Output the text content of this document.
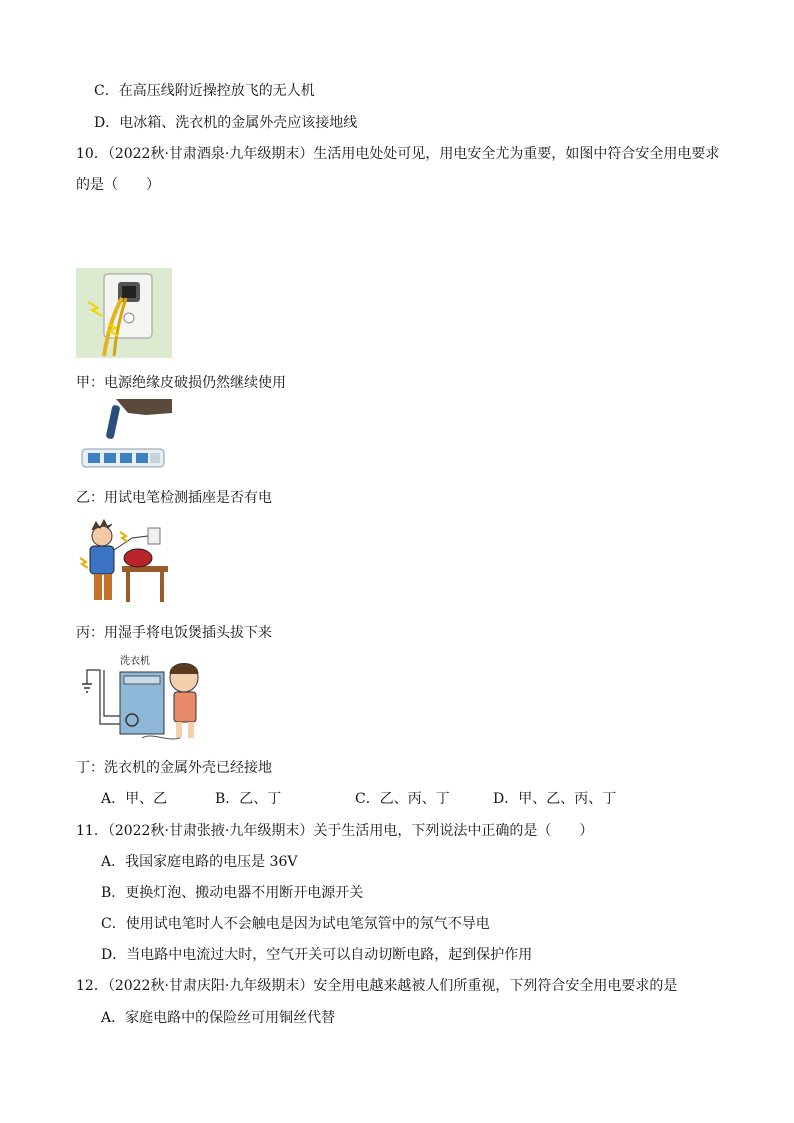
C．在高压线附近操控放飞的无人机
D．电冰箱、洗衣机的金属外壳应该接地线
10．（2022秋·甘肃酒泉·九年级期末）生活用电处处可见，用电安全尤为重要，如图中符合安全用电要求
的是（　　）
甲：电源绝缘皮破损仍然继续使用
乙：用试电笔检测插座是否有电
丙：用湿手将电饭煲插头拔下来
洗衣机
丁：洗衣机的金属外壳已经接地
A．甲、乙	B．乙、丁	C．乙、丙、丁	D．甲、乙、丙、丁
11．（2022秋·甘肃张掖·九年级期末）关于生活用电，下列说法中正确的是（　　）
A．我国家庭电路的电压是 36V
B．更换灯泡、搬动电器不用断开电源开关
C．使用试电笔时人不会触电是因为试电笔氖管中的氖气不导电
D．当电路中电流过大时，空气开关可以自动切断电路，起到保护作用
12．（2022秋·甘肃庆阳·九年级期末）安全用电越来越被人们所重视，下列符合安全用电要求的是
A．家庭电路中的保险丝可用铜丝代替
